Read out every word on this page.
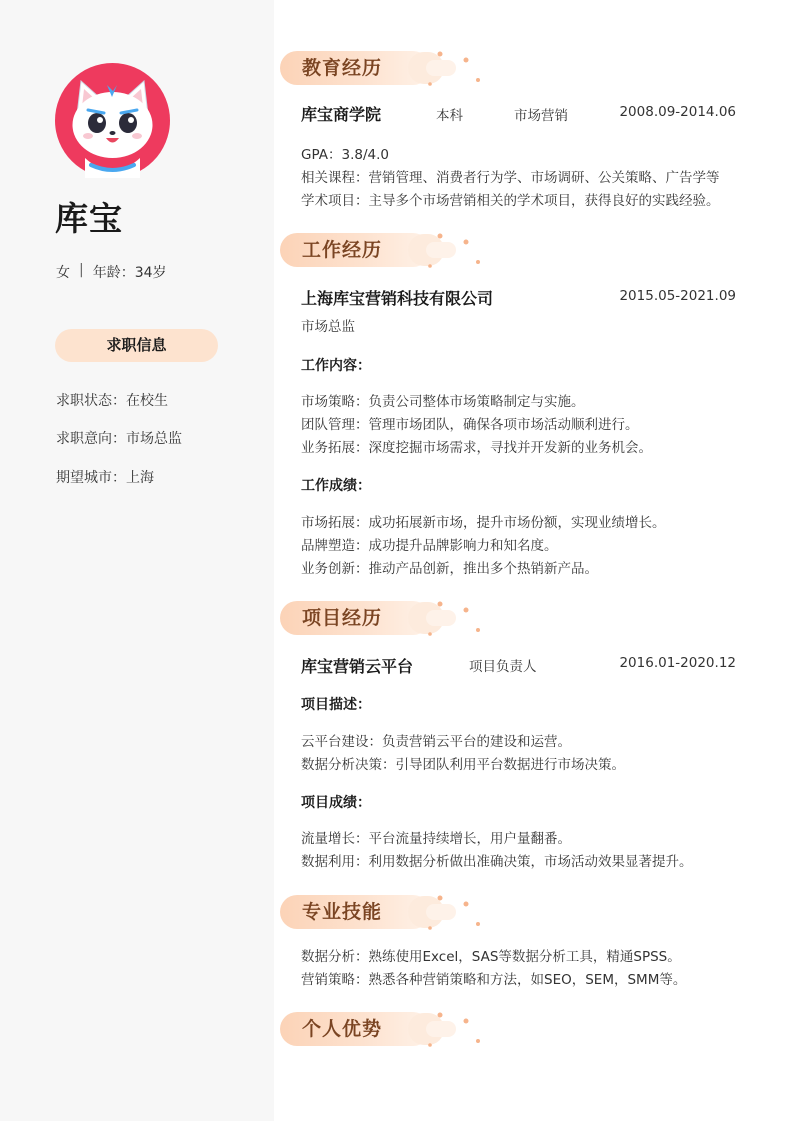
库宝
女 | 年龄：34岁
求职信息
求职状态：在校生
求职意向：市场总监
期望城市：上海
教育经历
库宝商学院	本科	市场营销	2008.09-2014.06
GPA：3.8/4.0
相关课程：营销管理、消费者行为学、市场调研、公关策略、广告学等
学术项目：主导多个市场营销相关的学术项目，获得良好的实践经验。
工作经历
上海库宝营销科技有限公司	2015.05-2021.09
市场总监
工作内容：
市场策略：负责公司整体市场策略制定与实施。
团队管理：管理市场团队，确保各项市场活动顺利进行。
业务拓展：深度挖掘市场需求，寻找并开发新的业务机会。
工作成绩：
市场拓展：成功拓展新市场，提升市场份额，实现业绩增长。
品牌塑造：成功提升品牌影响力和知名度。
业务创新：推动产品创新，推出多个热销新产品。
项目经历
库宝营销云平台	项目负责人	2016.01-2020.12
项目描述：
云平台建设：负责营销云平台的建设和运营。
数据分析决策：引导团队利用平台数据进行市场决策。
项目成绩：
流量增长：平台流量持续增长，用户量翻番。
数据利用：利用数据分析做出准确决策，市场活动效果显著提升。
专业技能
数据分析：熟练使用Excel，SAS等数据分析工具，精通SPSS。
营销策略：熟悉各种营销策略和方法，如SEO，SEM，SMM等。
个人优势
